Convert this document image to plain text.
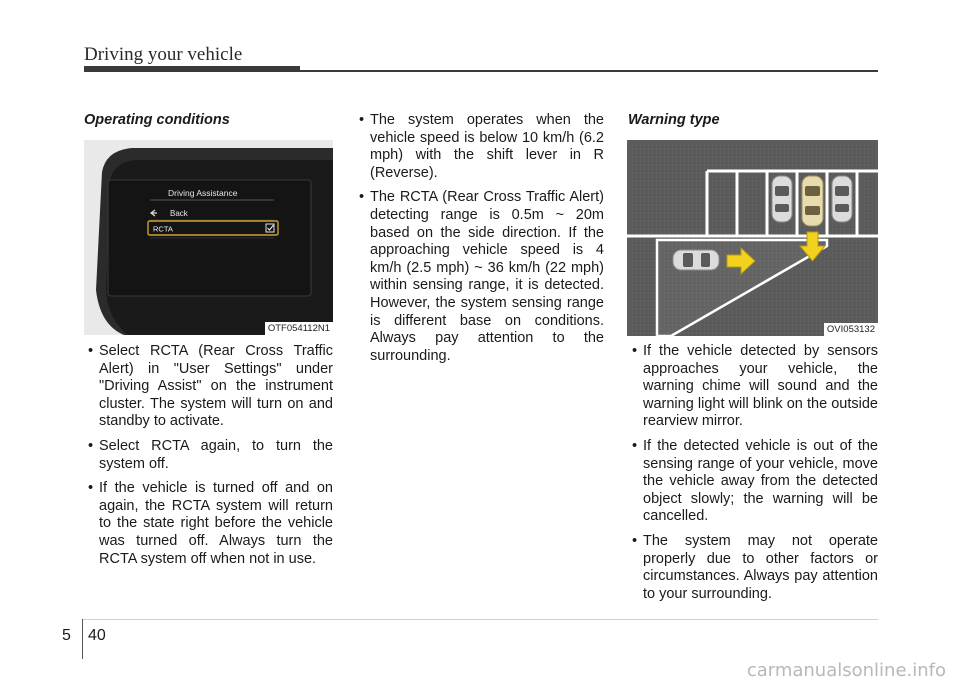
Driving your vehicle
Operating conditions
Driving Assistance
Back
RCTA
OTF054112N1
• Select RCTA (Rear Cross Traffic Alert) in "User Settings" under "Driving Assist" on the instrument cluster. The system will turn on and standby to activate.
• Select RCTA again, to turn the system off.
• If the vehicle is turned off and on again, the RCTA system will return to the state right before the vehicle was turned off. Always turn the RCTA system off when not in use.
• The system operates when the vehicle speed is below 10 km/h (6.2 mph) with the shift lever in R (Reverse).
• The RCTA (Rear Cross Traffic Alert) detecting range is 0.5m ~ 20m based on the side direction. If the approaching vehicle speed is 4 km/h (2.5 mph) ~ 36 km/h (22 mph) within sensing range, it is detected. However, the system sensing range is different base on conditions. Always pay attention to the surrounding.
Warning type
OVI053132
• If the vehicle detected by sensors approaches your vehicle, the warning chime will sound and the warning light will blink on the outside rearview mirror.
• If the detected vehicle is out of the sensing range of your vehicle, move the vehicle away from the detected object slowly; the warning will be cancelled.
• The system may not operate properly due to other factors or circumstances. Always pay attention to your surrounding.
5 40
carmanualsonline.info
